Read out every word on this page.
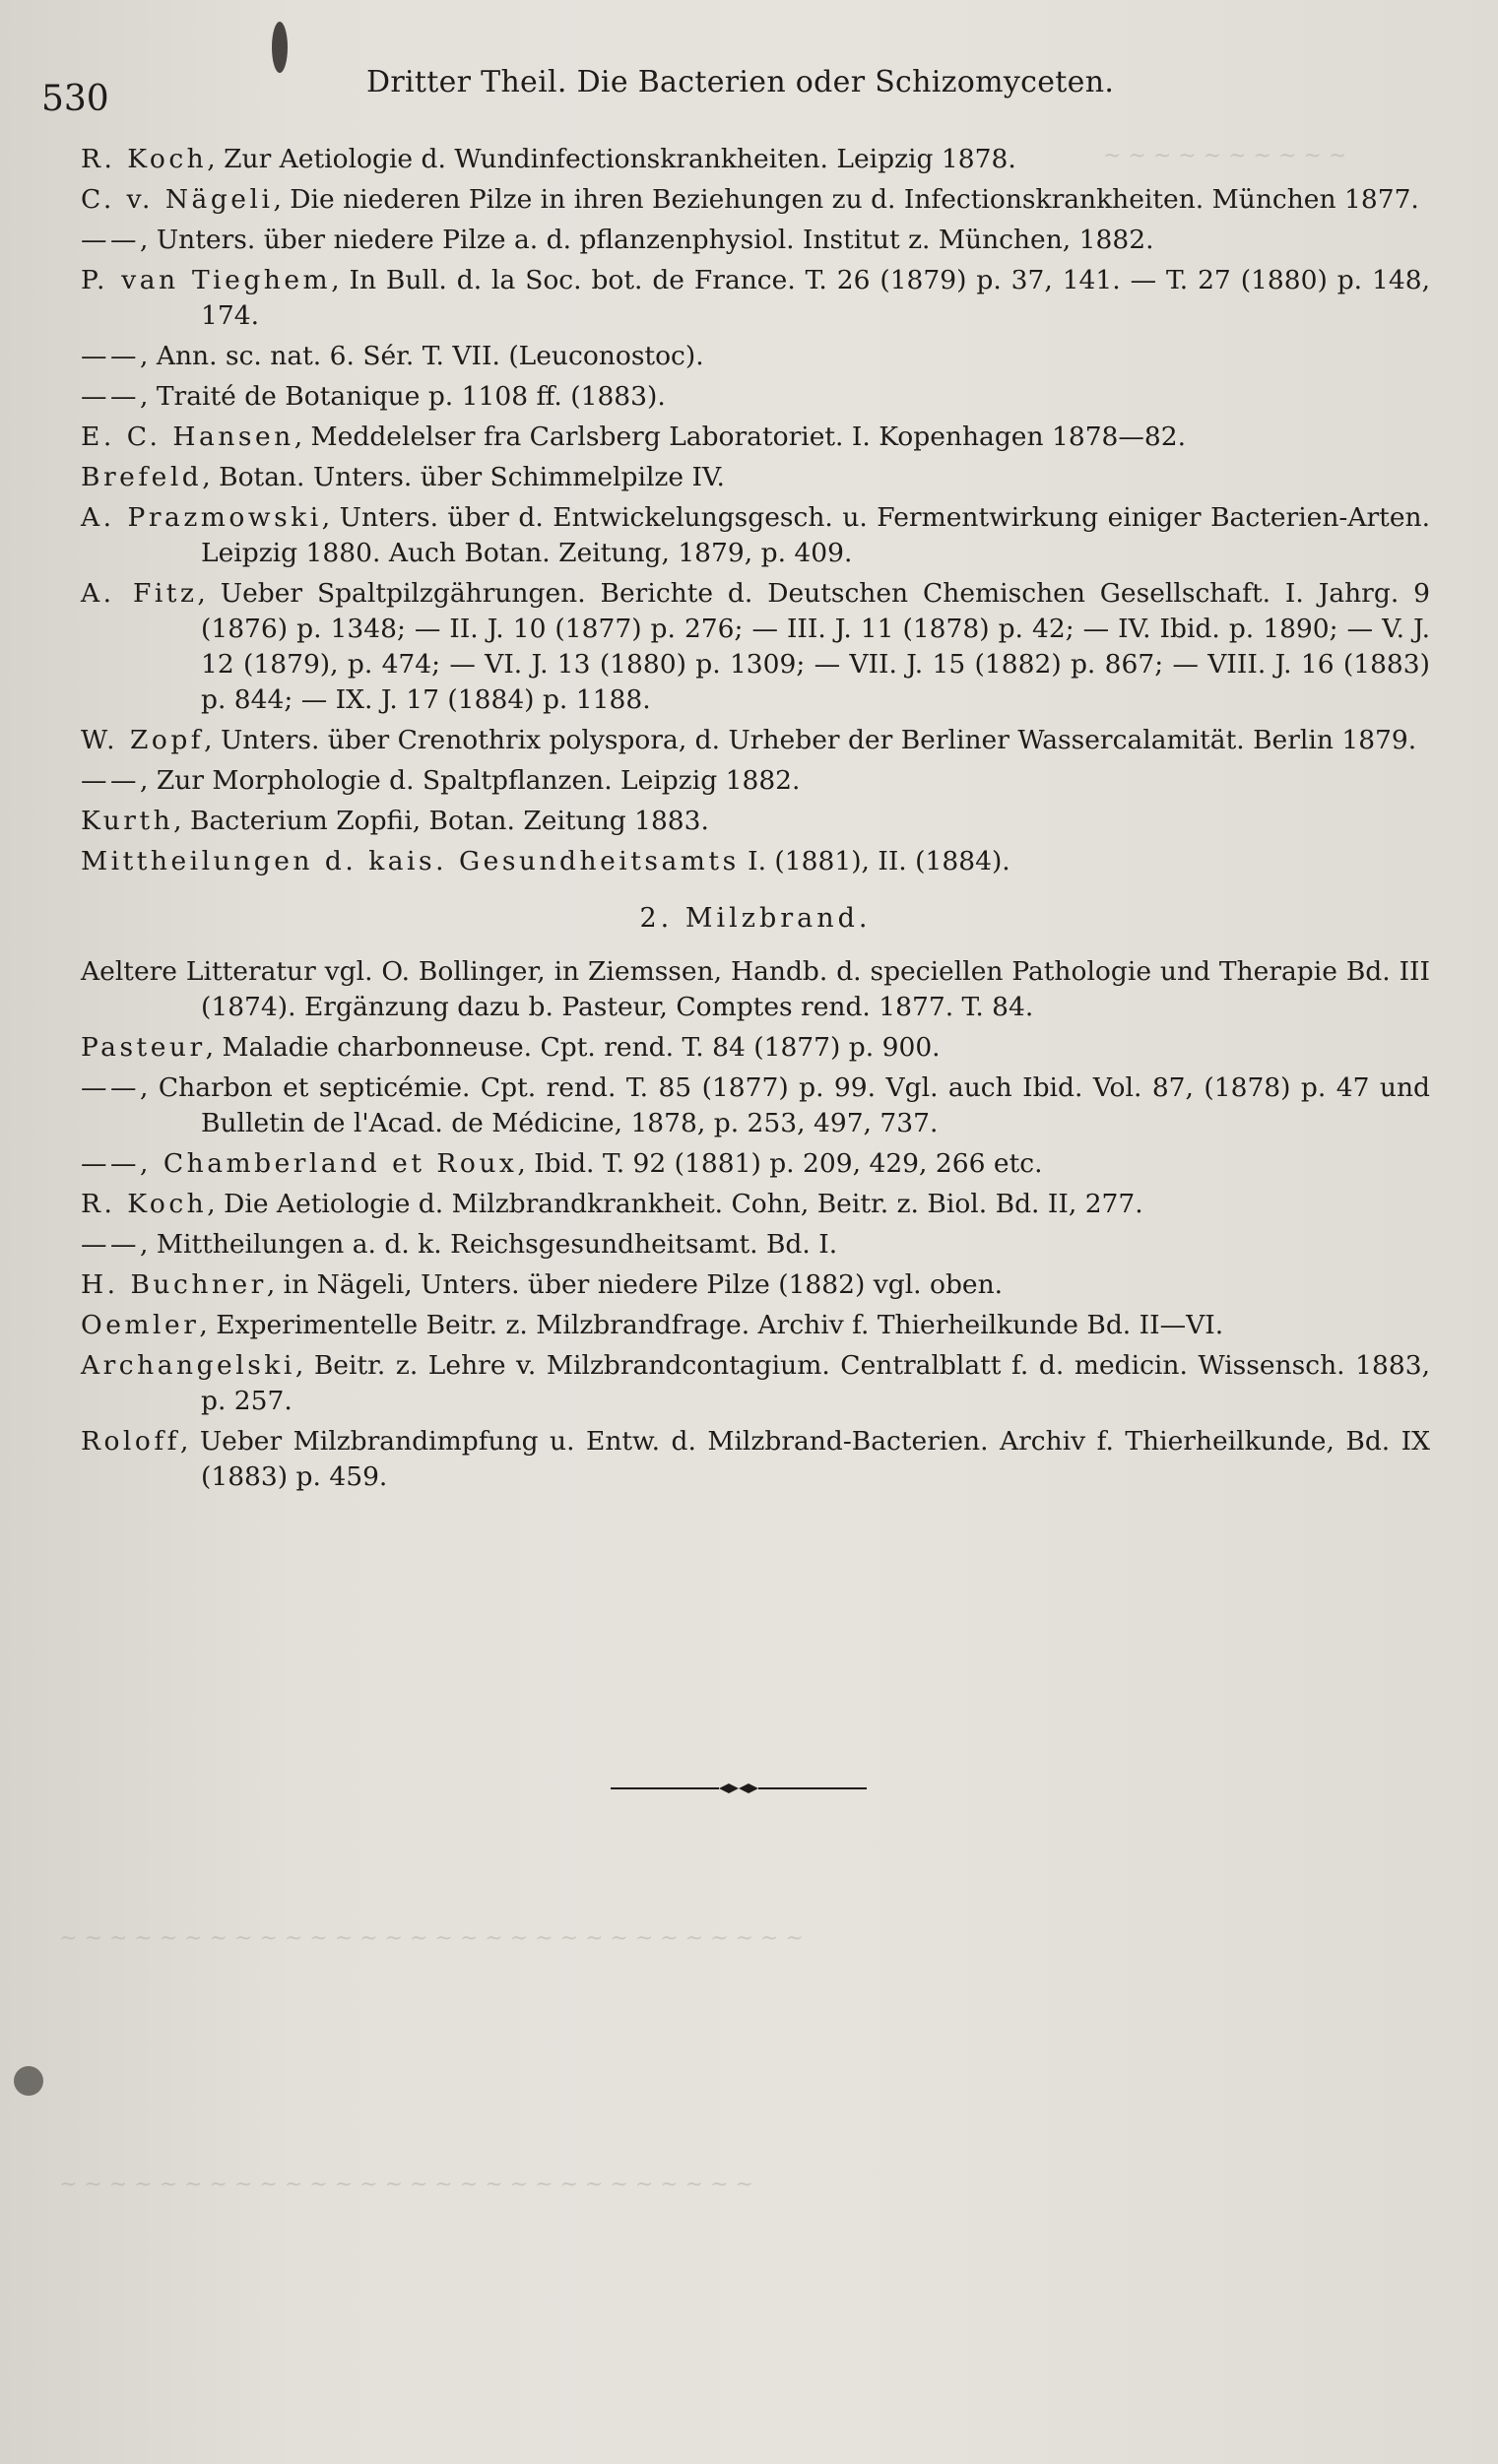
~ ~ ~ ~ ~ ~ ~ ~ ~ ~
~ ~ ~ ~ ~ ~ ~ ~ ~ ~ ~ ~ ~ ~ ~ ~ ~ ~ ~ ~ ~ ~ ~ ~ ~ ~ ~ ~ ~ ~
~ ~ ~ ~ ~ ~ ~ ~ ~ ~ ~ ~ ~ ~ ~ ~ ~ ~ ~ ~ ~ ~ ~ ~ ~ ~ ~ ~
530	Dritter Theil. Die Bacterien oder Schizomyceten.
R. Koch, Zur Aetiologie d. Wundinfectionskrankheiten. Leipzig 1878.
C. v. Nägeli, Die niederen Pilze in ihren Beziehungen zu d. Infectionskrankheiten. München 1877.
——, Unters. über niedere Pilze a. d. pflanzenphysiol. Institut z. München, 1882.
P. van Tieghem, In Bull. d. la Soc. bot. de France. T. 26 (1879) p. 37, 141. — T. 27 (1880) p. 148, 174.
——, Ann. sc. nat. 6. Sér. T. VII. (Leuconostoc).
——, Traité de Botanique p. 1108 ff. (1883).
E. C. Hansen, Meddelelser fra Carlsberg Laboratoriet. I. Kopenhagen 1878—82.
Brefeld, Botan. Unters. über Schimmelpilze IV.
A. Prazmowski, Unters. über d. Entwickelungsgesch. u. Fermentwirkung einiger Bacterien-Arten. Leipzig 1880. Auch Botan. Zeitung, 1879, p. 409.
A. Fitz, Ueber Spaltpilzgährungen. Berichte d. Deutschen Chemischen Gesellschaft. I. Jahrg. 9 (1876) p. 1348; — II. J. 10 (1877) p. 276; — III. J. 11 (1878) p. 42; — IV. Ibid. p. 1890; — V. J. 12 (1879), p. 474; — VI. J. 13 (1880) p. 1309; — VII. J. 15 (1882) p. 867; — VIII. J. 16 (1883) p. 844; — IX. J. 17 (1884) p. 1188.
W. Zopf, Unters. über Crenothrix polyspora, d. Urheber der Berliner Wassercalamität. Berlin 1879.
——, Zur Morphologie d. Spaltpflanzen. Leipzig 1882.
Kurth, Bacterium Zopfii, Botan. Zeitung 1883.
Mittheilungen d. kais. Gesundheitsamts I. (1881), II. (1884).
2. Milzbrand.
Aeltere Litteratur vgl. O. Bollinger, in Ziemssen, Handb. d. speciellen Pathologie und Therapie Bd. III (1874). Ergänzung dazu b. Pasteur, Comptes rend. 1877. T. 84.
Pasteur, Maladie charbonneuse. Cpt. rend. T. 84 (1877) p. 900.
——, Charbon et septicémie. Cpt. rend. T. 85 (1877) p. 99. Vgl. auch Ibid. Vol. 87, (1878) p. 47 und Bulletin de l'Acad. de Médicine, 1878, p. 253, 497, 737.
——, Chamberland et Roux, Ibid. T. 92 (1881) p. 209, 429, 266 etc.
R. Koch, Die Aetiologie d. Milzbrandkrankheit. Cohn, Beitr. z. Biol. Bd. II, 277.
——, Mittheilungen a. d. k. Reichsgesundheitsamt. Bd. I.
H. Buchner, in Nägeli, Unters. über niedere Pilze (1882) vgl. oben.
Oemler, Experimentelle Beitr. z. Milzbrandfrage. Archiv f. Thierheilkunde Bd. II—VI.
Archangelski, Beitr. z. Lehre v. Milzbrandcontagium. Centralblatt f. d. medicin. Wissensch. 1883, p. 257.
Roloff, Ueber Milzbrandimpfung u. Entw. d. Milzbrand-Bacterien. Archiv f. Thierheilkunde, Bd. IX (1883) p. 459.
